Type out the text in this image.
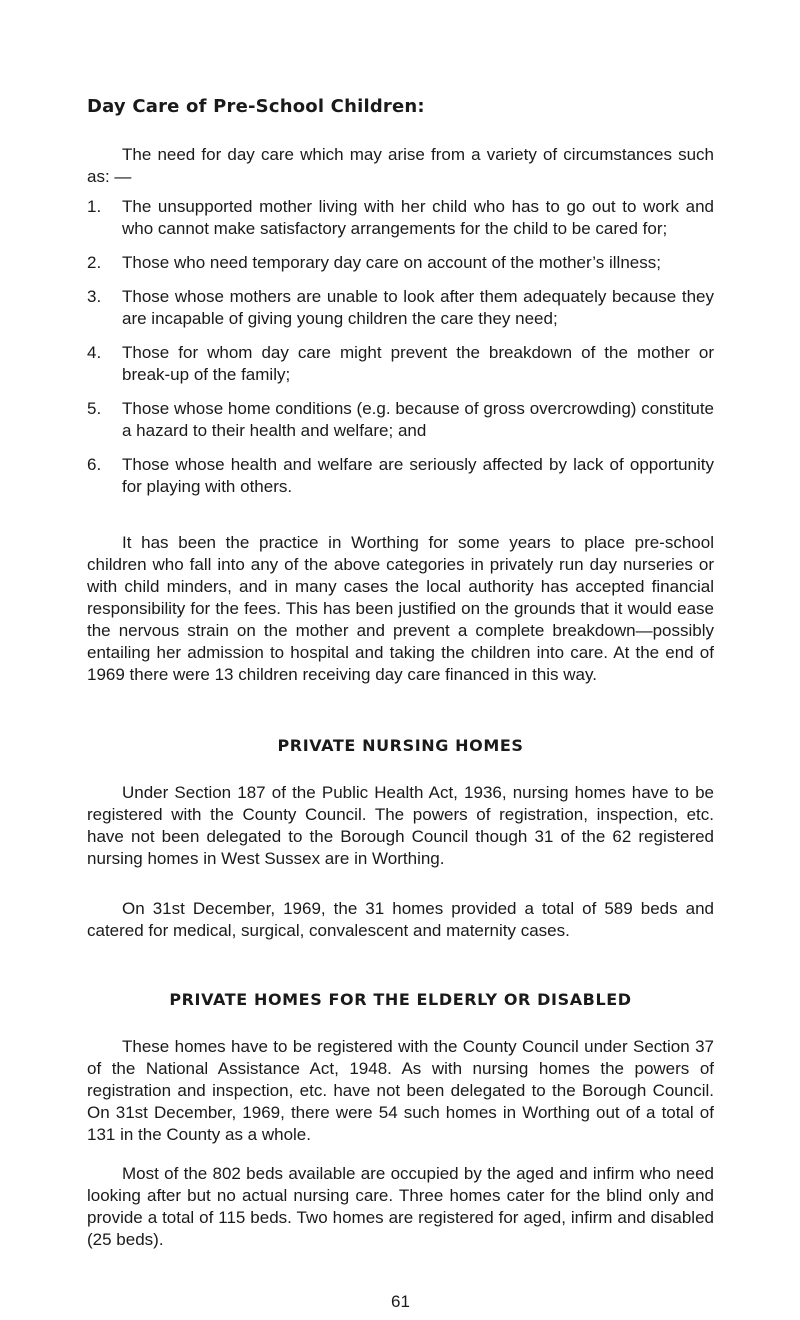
Day Care of Pre-School Children:

The need for day care which may arise from a variety of circumstances such as: —

1. The unsupported mother living with her child who has to go out to work and who cannot make satisfactory arrangements for the child to be cared for;
2. Those who need temporary day care on account of the mother’s illness;
3. Those whose mothers are unable to look after them adequately because they are incapable of giving young children the care they need;
4. Those for whom day care might prevent the breakdown of the mother or break-up of the family;
5. Those whose home conditions (e.g. because of gross overcrowding) constitute a hazard to their health and welfare; and
6. Those whose health and welfare are seriously affected by lack of opportunity for playing with others.

It has been the practice in Worthing for some years to place pre-school children who fall into any of the above categories in privately run day nurseries or with child minders, and in many cases the local authority has accepted financial responsibility for the fees. This has been justified on the grounds that it would ease the nervous strain on the mother and prevent a complete breakdown—possibly entailing her admission to hospital and taking the children into care. At the end of 1969 there were 13 children receiving day care financed in this way.

PRIVATE NURSING HOMES

Under Section 187 of the Public Health Act, 1936, nursing homes have to be registered with the County Council. The powers of registration, inspection, etc. have not been delegated to the Borough Council though 31 of the 62 registered nursing homes in West Sussex are in Worthing.

On 31st December, 1969, the 31 homes provided a total of 589 beds and catered for medical, surgical, convalescent and maternity cases.

PRIVATE HOMES FOR THE ELDERLY OR DISABLED

These homes have to be registered with the County Council under Section 37 of the National Assistance Act, 1948. As with nursing homes the powers of registration and inspection, etc. have not been delegated to the Borough Council. On 31st December, 1969, there were 54 such homes in Worthing out of a total of 131 in the County as a whole.

Most of the 802 beds available are occupied by the aged and infirm who need looking after but no actual nursing care. Three homes cater for the blind only and provide a total of 115 beds. Two homes are registered for aged, infirm and disabled (25 beds).

61
